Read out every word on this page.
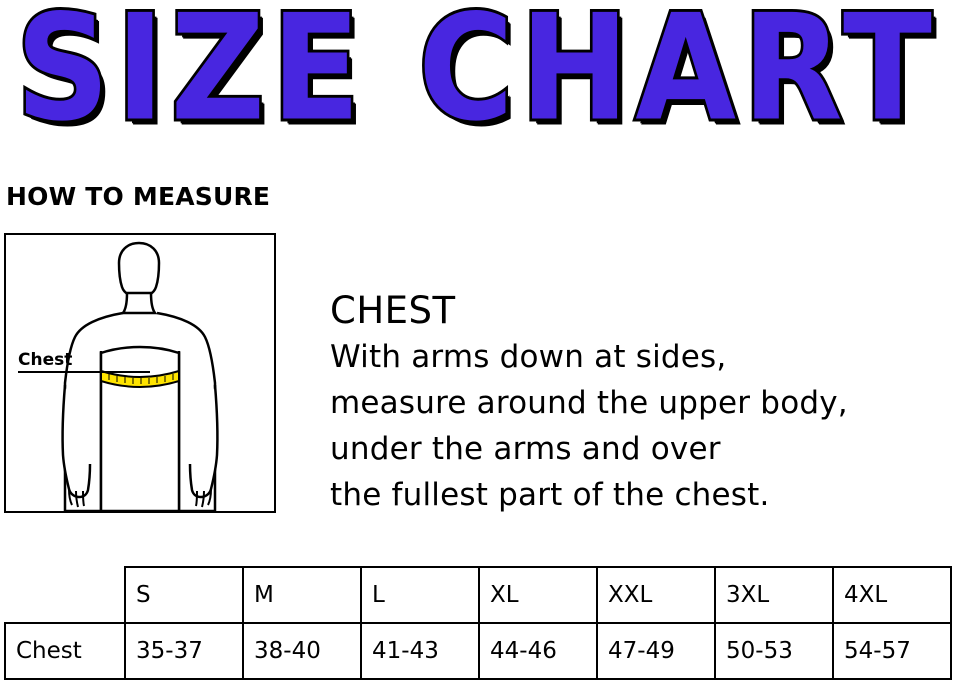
SIZE CHART
HOW TO MEASURE
Chest
CHEST
With arms down at sides,
measure around the upper body,
under the arms and over
the fullest part of the chest.
	S	M	L	XL	XXL	3XL	4XL
Chest	35-37	38-40	41-43	44-46	47-49	50-53	54-57
